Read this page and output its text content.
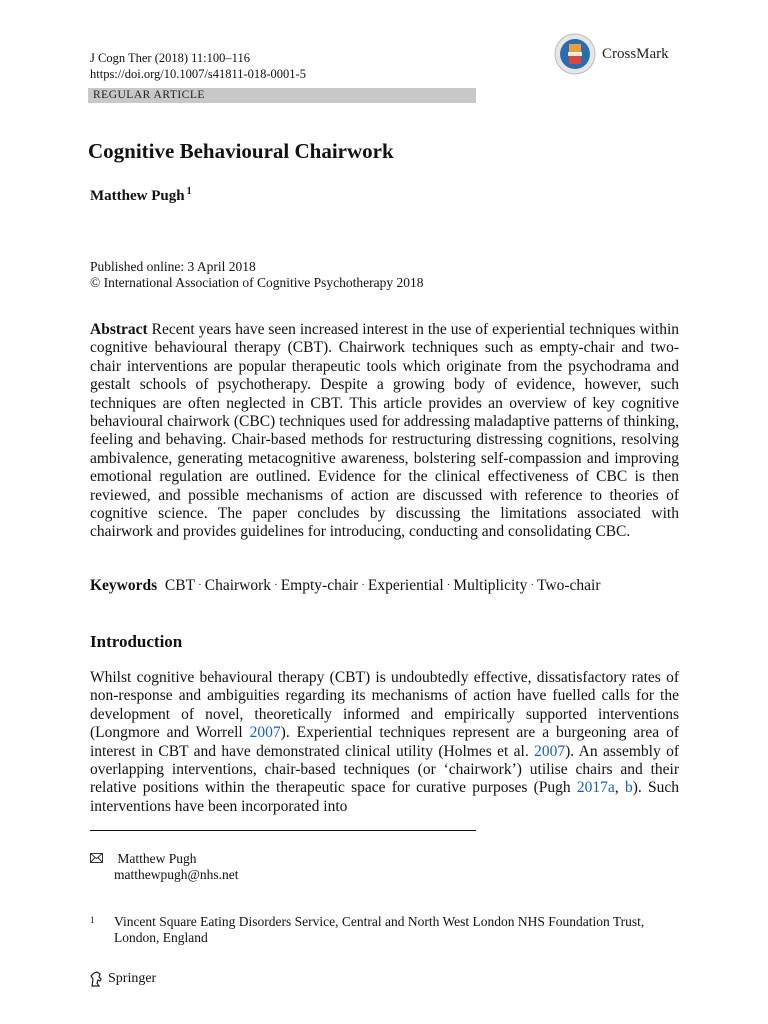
J Cogn Ther (2018) 11:100–116
https://doi.org/10.1007/s41811-018-0001-5
CrossMark
REGULAR ARTICLE
Cognitive Behavioural Chairwork
Matthew Pugh $^1$
Published online: 3 April 2018
© International Association of Cognitive Psychotherapy 2018
Abstract Recent years have seen increased interest in the use of experiential techniques within cognitive behavioural therapy (CBT). Chairwork techniques such as empty-chair and two-chair interventions are popular therapeutic tools which originate from the psychodrama and gestalt schools of psychotherapy. Despite a growing body of evidence, however, such techniques are often neglected in CBT. This article provides an overview of key cognitive behavioural chairwork (CBC) techniques used for addressing maladaptive patterns of thinking, feeling and behaving. Chair-based methods for restructuring distressing cognitions, resolving ambivalence, generating metacognitive awareness, bolstering self-compassion and improving emotional regulation are outlined. Evidence for the clinical effectiveness of CBC is then reviewed, and possible mechanisms of action are discussed with reference to theories of cognitive science. The paper concludes by discussing the limitations associated with chairwork and provides guidelines for introducing, conducting and consolidating CBC.
Keywords CBT · Chairwork · Empty-chair · Experiential · Multiplicity · Two-chair
Introduction
Whilst cognitive behavioural therapy (CBT) is undoubtedly effective, dissatisfactory rates of non-response and ambiguities regarding its mechanisms of action have fuelled calls for the development of novel, theoretically informed and empirically supported interventions (Longmore and Worrell 2007). Experiential techniques represent are a burgeoning area of interest in CBT and have demonstrated clinical utility (Holmes et al. 2007). An assembly of overlapping interventions, chair-based techniques (or ‘chairwork’) utilise chairs and their relative positions within the therapeutic space for curative purposes (Pugh 2017a, b). Such interventions have been incorporated into
Matthew Pugh
matthewpugh@nhs.net
1 Vincent Square Eating Disorders Service, Central and North West London NHS Foundation Trust, London, England
Springer
